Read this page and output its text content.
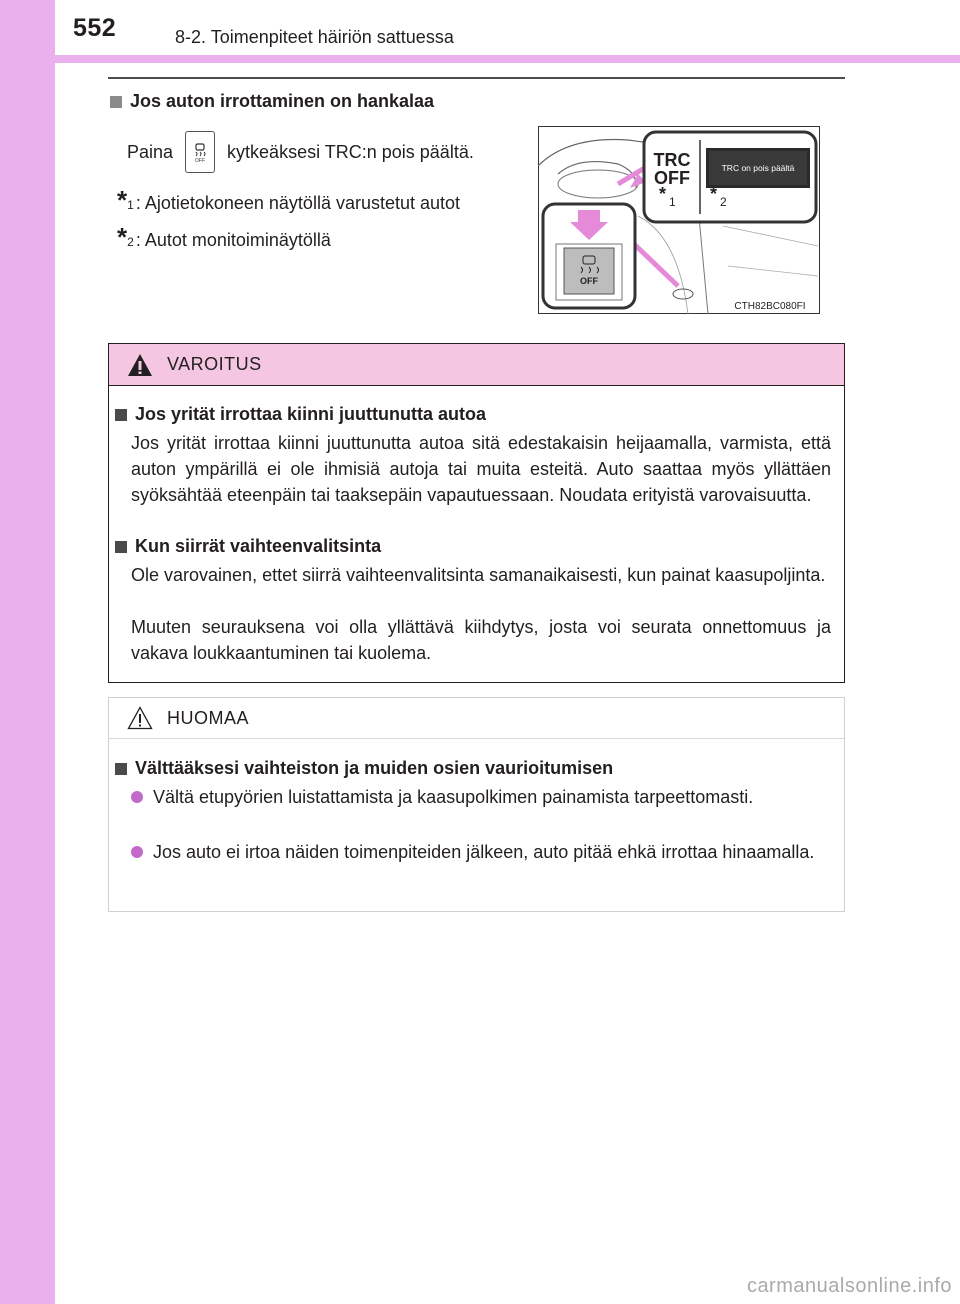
552	8-2. Toimenpiteet häiriön sattuessa
Jos auton irrottaminen on hankalaa
Paina	OFF kytkeäksesi TRC:n pois päältä.
$*_1$ : Ajotietokoneen näytöllä varustetut autot
$*_2$ : Autot monitoiminäytöllä
TRC
OFF	TRC on pois päältä
* 1 * 2
OFF
CTH82BC080FI
VAROITUS
Jos yrität irrottaa kiinni juuttunutta autoa
Jos yrität irrottaa kiinni juuttunutta autoa sitä edestakaisin heijaamalla, varmista, että auton ympärillä ei ole ihmisiä autoja tai muita esteitä. Auto saattaa myös yllättäen syöksähtää eteenpäin tai taaksepäin vapautuessaan. Noudata erityistä varovaisuutta.
Kun siirrät vaihteenvalitsinta
Ole varovainen, ettet siirrä vaihteenvalitsinta samanaikaisesti, kun painat kaasupoljinta.
Muuten seurauksena voi olla yllättävä kiihdytys, josta voi seurata onnettomuus ja vakava loukkaantuminen tai kuolema.
HUOMAA
Välttääksesi vaihteiston ja muiden osien vaurioitumisen
Vältä etupyörien luistattamista ja kaasupolkimen painamista tarpeettomasti.
Jos auto ei irtoa näiden toimenpiteiden jälkeen, auto pitää ehkä irrottaa hinaamalla.
carmanualsonline.info
